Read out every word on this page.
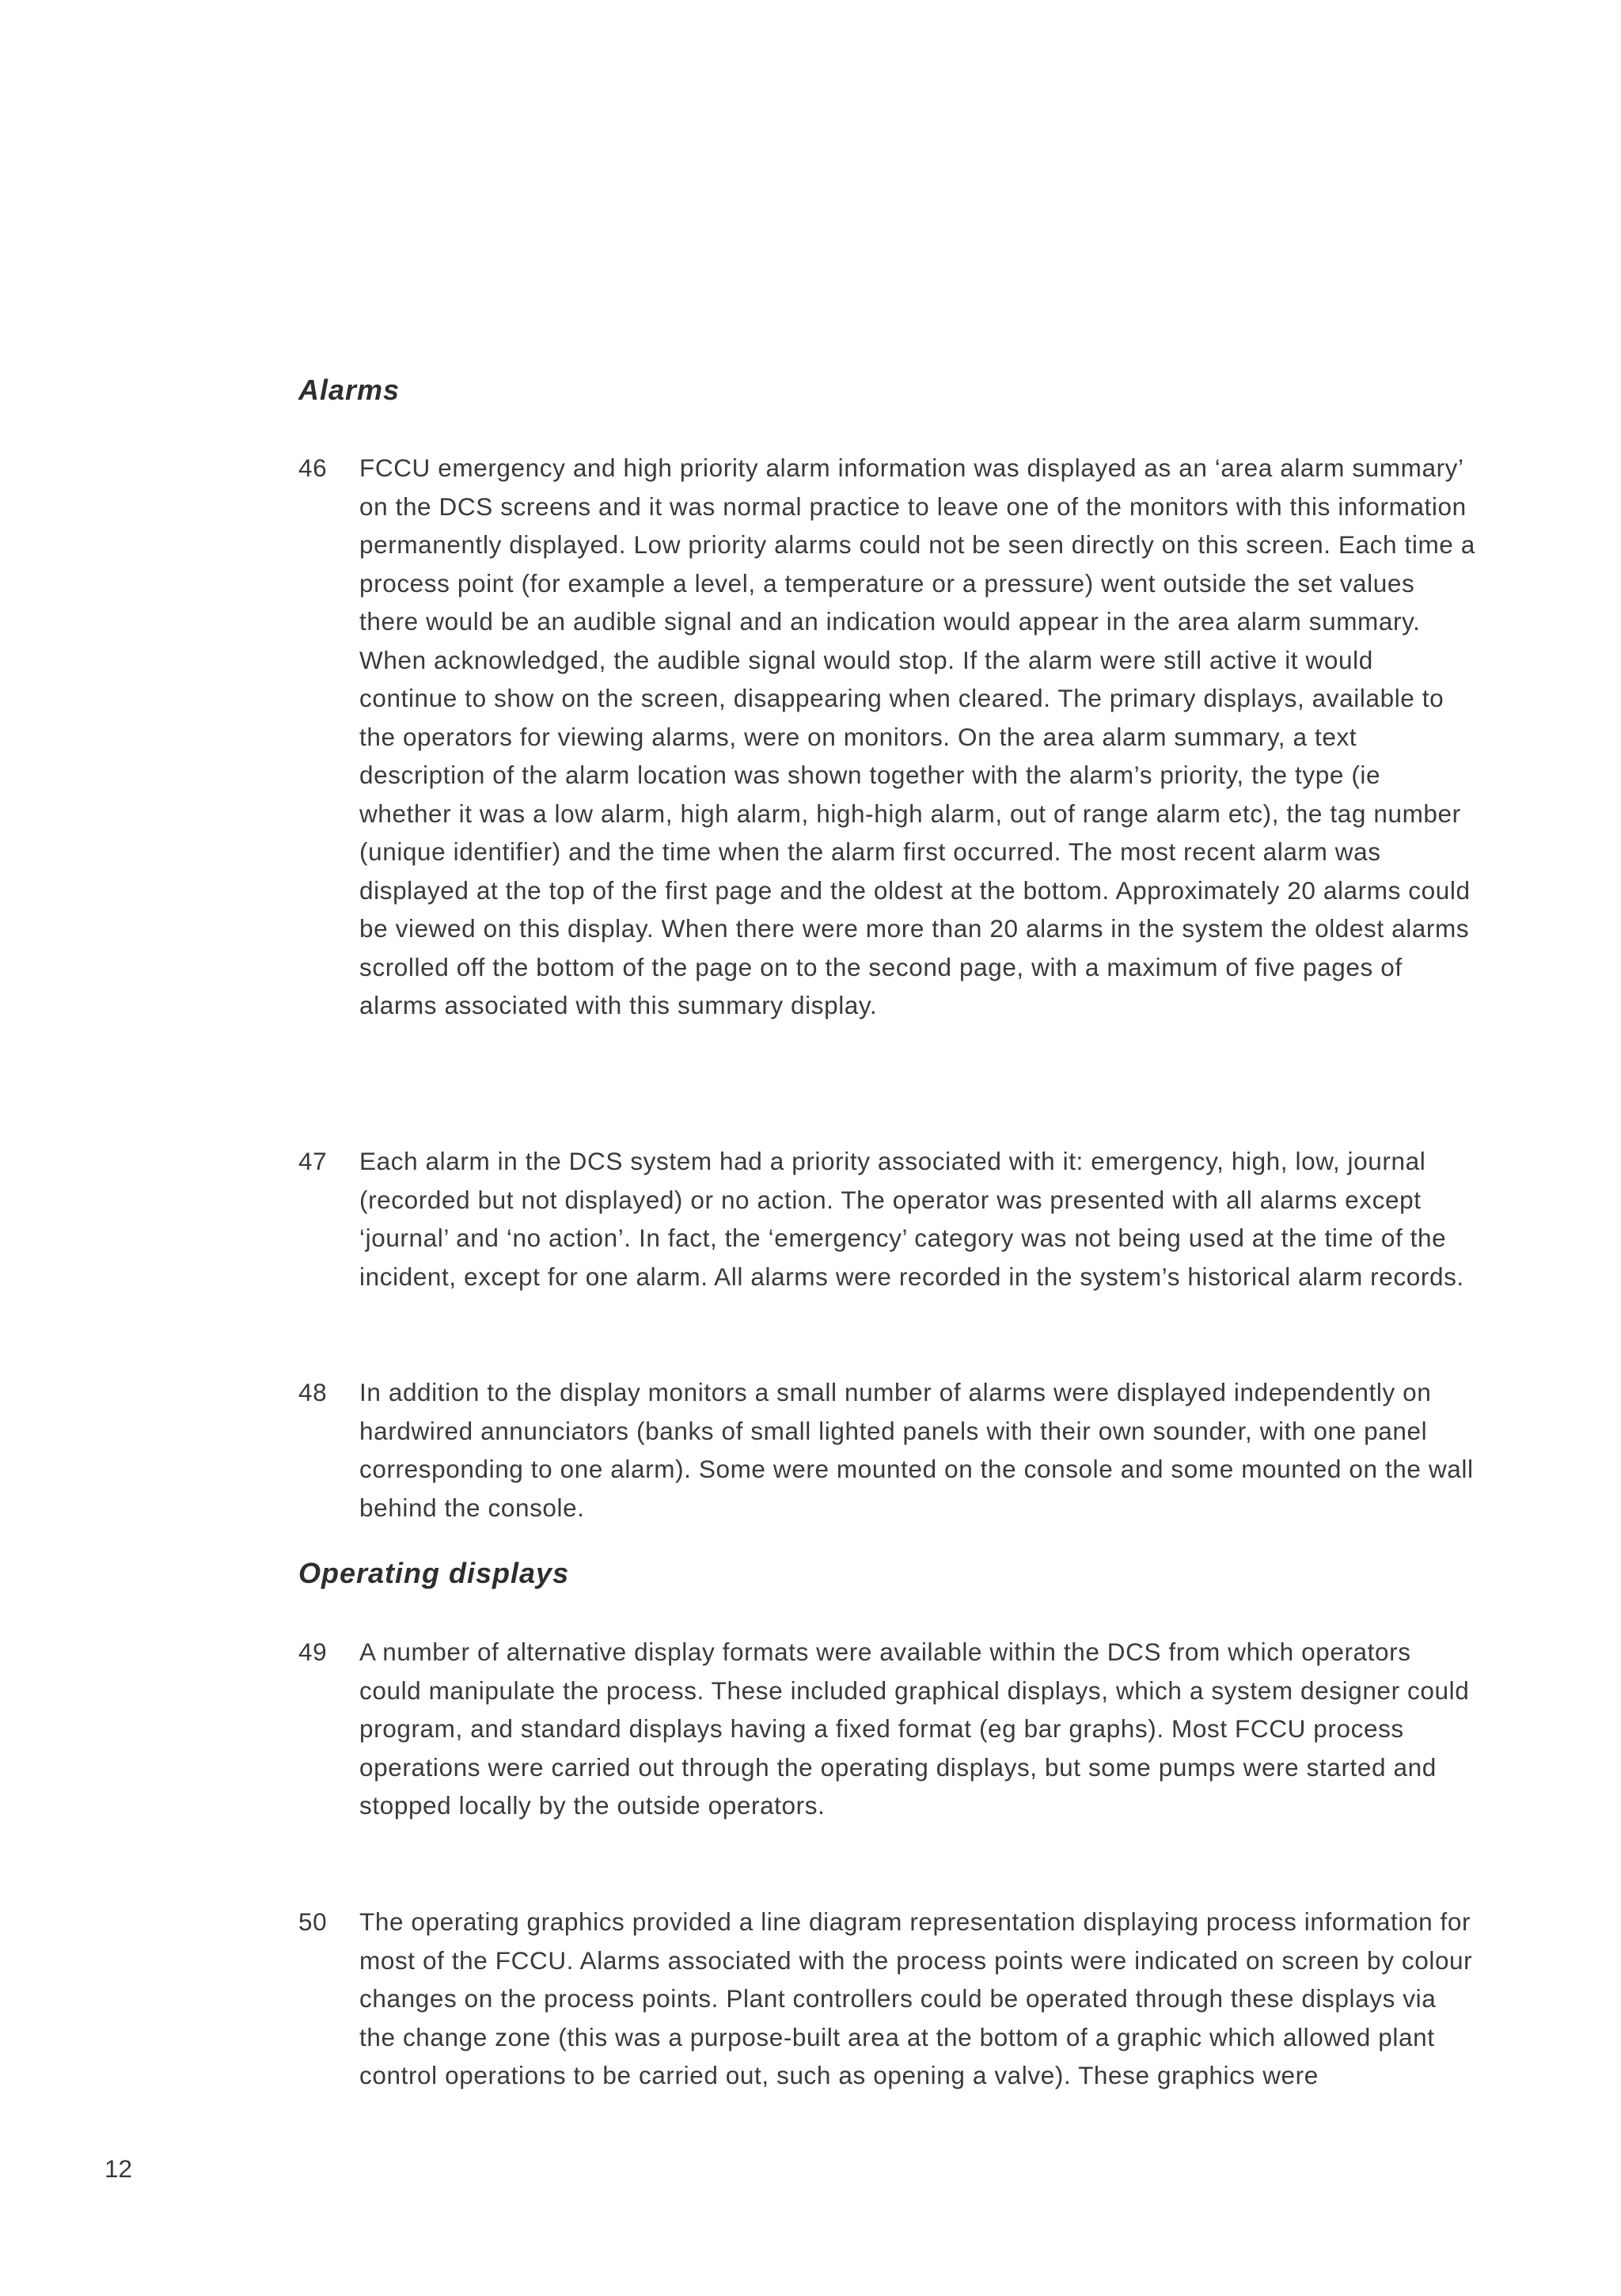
Alarms
46	FCCU emergency and high priority alarm information was displayed as an ‘area alarm summary’ on the DCS screens and it was normal practice to leave one of the monitors with this information permanently displayed. Low priority alarms could not be seen directly on this screen. Each time a process point (for example a level, a temperature or a pressure) went outside the set values there would be an audible signal and an indication would appear in the area alarm summary. When acknowledged, the audible signal would stop. If the alarm were still active it would continue to show on the screen, disappearing when cleared. The primary displays, available to the operators for viewing alarms, were on monitors. On the area alarm summary, a text description of the alarm location was shown together with the alarm’s priority, the type (ie whether it was a low alarm, high alarm, high-high alarm, out of range alarm etc), the tag number (unique identifier) and the time when the alarm first occurred. The most recent alarm was displayed at the top of the first page and the oldest at the bottom. Approximately 20 alarms could be viewed on this display. When there were more than 20 alarms in the system the oldest alarms scrolled off the bottom of the page on to the second page, with a maximum of five pages of alarms associated with this summary display.

47	Each alarm in the DCS system had a priority associated with it: emergency, high, low, journal (recorded but not displayed) or no action. The operator was presented with all alarms except ‘journal’ and ‘no action’. In fact, the ‘emergency’ category was not being used at the time of the incident, except for one alarm. All alarms were recorded in the system’s historical alarm records.

48	In addition to the display monitors a small number of alarms were displayed independently on hardwired annunciators (banks of small lighted panels with their own sounder, with one panel corresponding to one alarm). Some were mounted on the console and some mounted on the wall behind the console.

Operating displays
49	A number of alternative display formats were available within the DCS from which operators could manipulate the process. These included graphical displays, which a system designer could program, and standard displays having a fixed format (eg bar graphs). Most FCCU process operations were carried out through the operating displays, but some pumps were started and stopped locally by the outside operators.

50	The operating graphics provided a line diagram representation displaying process information for most of the FCCU. Alarms associated with the process points were indicated on screen by colour changes on the process points. Plant controllers could be operated through these displays via the change zone (this was a purpose-built area at the bottom of a graphic which allowed plant control operations to be carried out, such as opening a valve). These graphics were

12
